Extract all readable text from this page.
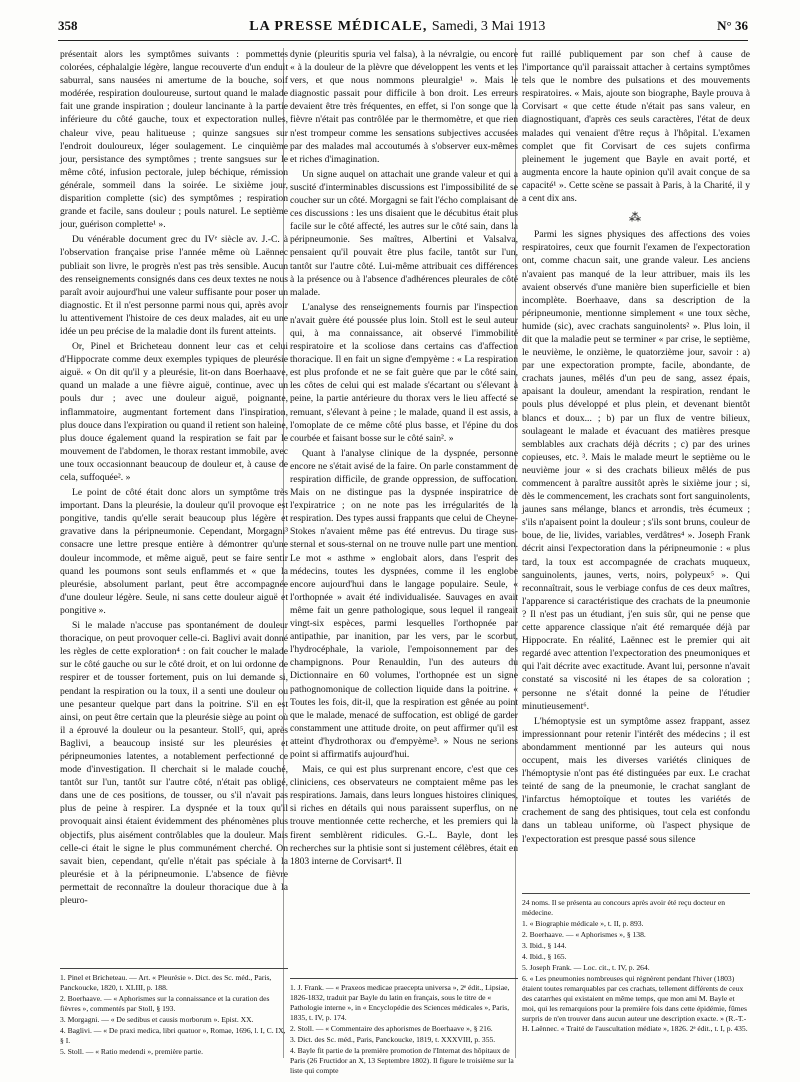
358	LA PRESSE MÉDICALE, Samedi, 3 Mai 1913	N° 36

présentait alors les symptômes suivants : pommettes colorées, céphalalgie légère, langue recouverte d'un enduit saburral, sans nausées ni amertume de la bouche, soif modérée, respiration douloureuse, surtout quand le malade fait une grande inspiration ; douleur lancinante à la partie inférieure du côté gauche, toux et expectoration nulles, chaleur vive, peau halitueuse ; quinze sangsues sur l'endroit douloureux, léger soulagement. Le cinquième jour, persistance des symptômes ; trente sangsues sur le même côté, infusion pectorale, julep béchique, rémission générale, sommeil dans la soirée. Le sixième jour, disparition complette (sic) des symptômes ; respiration grande et facile, sans douleur ; pouls naturel. Le septième jour, guérison complette¹ ».

Du vénérable document grec du IVᵉ siècle av. J.-C. à l'observation française prise l'année même où Laënnec publiait son livre, le progrès n'est pas très sensible. Aucun des renseignements consignés dans ces deux textes ne nous paraît avoir aujourd'hui une valeur suffisante pour poser un diagnostic. Et il n'est personne parmi nous qui, après avoir lu attentivement l'histoire de ces deux malades, ait eu une idée un peu précise de la maladie dont ils furent atteints.

Or, Pinel et Bricheteau donnent leur cas et celui d'Hippocrate comme deux exemples typiques de pleurésie aiguë. « On dit qu'il y a pleurésie, lit-on dans Boerhaave, quand un malade a une fièvre aiguë, continue, avec un pouls dur ; avec une douleur aiguë, poignante, inflammatoire, augmentant fortement dans l'inspiration, plus douce dans l'expiration ou quand il retient son haleine, plus douce également quand la respiration se fait par le mouvement de l'abdomen, le thorax restant immobile, avec une toux occasionnant beaucoup de douleur et, à cause de cela, suffoquée². »

Le point de côté était donc alors un symptôme très important. Dans la pleurésie, la douleur qu'il provoque est pongitive, tandis qu'elle serait beaucoup plus légère et gravative dans la péripneumonie. Cependant, Morgagni³ consacre une lettre presque entière à démontrer qu'une douleur incommode, et même aiguë, peut se faire sentir quand les poumons sont seuls enflammés et « que la pleurésie, absolument parlant, peut être accompagnée d'une douleur légère. Seule, ni sans cette douleur aiguë et pongitive ».

Si le malade n'accuse pas spontanément de douleur thoracique, on peut provoquer celle-ci. Baglivi avait donné les règles de cette exploration⁴ : on fait coucher le malade sur le côté gauche ou sur le côté droit, et on lui ordonne de respirer et de tousser fortement, puis on lui demande si, pendant la respiration ou la toux, il a senti une douleur ou une pesanteur quelque part dans la poitrine. S'il en est ainsi, on peut être certain que la pleurésie siège au point où il a éprouvé la douleur ou la pesanteur. Stoll⁵, qui, après Baglivi, a beaucoup insisté sur les pleurésies et péripneumonies latentes, a notablement perfectionné ce mode d'investigation. Il cherchait si le malade couché, tantôt sur l'un, tantôt sur l'autre côté, n'était pas obligé, dans une de ces positions, de tousser, ou s'il n'avait pas plus de peine à respirer. La dyspnée et la toux qu'il provoquait ainsi étaient évidemment des phénomènes plus objectifs, plus aisément contrôlables que la douleur. Mais celle-ci était le signe le plus communément cherché. On savait bien, cependant, qu'elle n'était pas spéciale à la pleurésie et à la péripneumonie. L'absence de fièvre permettait de reconnaître la douleur thoracique due à la pleuro-

1. Pinel et Bricheteau. — Art. « Pleurésie ». Dict. des Sc. méd., Paris, Panckoucke, 1820, t. XLIII, p. 188.
2. Boerhaave. — « Aphorismes sur la connaissance et la curation des fièvres », commentés par Stoll, § 193.
3. Morgagni. — « De sedibus et causis morborum ». Epist. XX.
4. Baglivi. — « De praxi medica, libri quatuor », Romae, 1696, l. I, C. IX, § I.
5. Stoll. — « Ratio medendi », première partie.

dynie (pleuritis spuria vel falsa), à la névralgie, ou encore « à la douleur de la plèvre que développent les vents et les vers, et que nous nommons pleuralgie¹ ». Mais le diagnostic passait pour difficile à bon droit. Les erreurs devaient être très fréquentes, en effet, si l'on songe que la fièvre n'était pas contrôlée par le thermomètre, et que rien n'est trompeur comme les sensations subjectives accusées par des malades mal accoutumés à s'observer eux-mêmes et riches d'imagination.

Un signe auquel on attachait une grande valeur et qui a suscité d'interminables discussions est l'impossibilité de se coucher sur un côté. Morgagni se fait l'écho complaisant de ces discussions : les uns disaient que le décubitus était plus facile sur le côté affecté, les autres sur le côté sain, dans la péripneumonie. Ses maîtres, Albertini et Valsalva, pensaient qu'il pouvait être plus facile, tantôt sur l'un, tantôt sur l'autre côté. Lui-même attribuait ces différences à la présence ou à l'absence d'adhérences pleurales de côté malade.

L'analyse des renseignements fournis par l'inspection n'avait guère été poussée plus loin. Stoll est le seul auteur qui, à ma connaissance, ait observé l'immobilité respiratoire et la scoliose dans certains cas d'affection thoracique. Il en fait un signe d'empyème : « La respiration est plus profonde et ne se fait guère que par le côté sain, les côtes de celui qui est malade s'écartant ou s'élevant à peine, la partie antérieure du thorax vers le lieu affecté se remuant, s'élevant à peine ; le malade, quand il est assis, a l'omoplate de ce même côté plus basse, et l'épine du dos courbée et faisant bosse sur le côté sain². »

Quant à l'analyse clinique de la dyspnée, personne encore ne s'était avisé de la faire. On parle constamment de respiration difficile, de grande oppression, de suffocation. Mais on ne distingue pas la dyspnée inspiratrice de l'expiratrice ; on ne note pas les irrégularités de la respiration. Des types aussi frappants que celui de Cheyne-Stokes n'avaient même pas été entrevus. Du tirage sus-sternal et sous-sternal on ne trouve nulle part une mention. Le mot « asthme » englobait alors, dans l'esprit des médecins, toutes les dyspnées, comme il les englobe encore aujourd'hui dans le langage populaire. Seule, « l'orthopnée » avait été individualisée. Sauvages en avait même fait un genre pathologique, sous lequel il rangeait vingt-six espèces, parmi lesquelles l'orthopnée par antipathie, par inanition, par les vers, par le scorbut, l'hydrocéphale, la variole, l'empoisonnement par des champignons. Pour Renauldin, l'un des auteurs du Dictionnaire en 60 volumes, l'orthopnée est un signe pathognomonique de collection liquide dans la poitrine. « Toutes les fois, dit-il, que la respiration est gênée au point que le malade, menacé de suffocation, est obligé de garder constamment une attitude droite, on peut affirmer qu'il est atteint d'hydrothorax ou d'empyème³. » Nous ne serions point si affirmatifs aujourd'hui.

Mais, ce qui est plus surprenant encore, c'est que ces cliniciens, ces observateurs ne comptaient même pas les respirations. Jamais, dans leurs longues histoires cliniques, si riches en détails qui nous paraissent superflus, on ne trouve mentionnée cette recherche, et les premiers qui la firent semblèrent ridicules. G.-L. Bayle, dont les recherches sur la phtisie sont si justement célèbres, était en 1803 interne de Corvisart⁴. Il

1. J. Frank. — « Praxeos medicae praecepta universa », 2ᵉ édit., Lipsiae, 1826-1832, traduit par Bayle du latin en français, sous le titre de « Pathologie interne », in « Encyclopédie des Sciences médicales », Paris, 1835, t. IV, p. 174.
2. Stoll. — « Commentaire des aphorismes de Boerhaave », § 216.
3. Dict. des Sc. méd., Paris, Panckoucke, 1819, t. XXXVIII, p. 355.
4. Bayle fit partie de la première promotion de l'Internat des hôpitaux de Paris (26 Fructidor an X, 13 Septembre 1802). Il figure le troisième sur la liste qui compte

fut raillé publiquement par son chef à cause de l'importance qu'il paraissait attacher à certains symptômes tels que le nombre des pulsations et des mouvements respiratoires. « Mais, ajoute son biographe, Bayle prouva à Corvisart « que cette étude n'était pas sans valeur, en diagnostiquant, d'après ces seuls caractères, l'état de deux malades qui venaient d'être reçus à l'hôpital. L'examen complet que fit Corvisart de ces sujets confirma pleinement le jugement que Bayle en avait porté, et augmenta encore la haute opinion qu'il avait conçue de sa capacité¹ ». Cette scène se passait à Paris, à la Charité, il y a cent dix ans.

⁂

Parmi les signes physiques des affections des voies respiratoires, ceux que fournit l'examen de l'expectoration ont, comme chacun sait, une grande valeur. Les anciens n'avaient pas manqué de la leur attribuer, mais ils les avaient observés d'une manière bien superficielle et bien incomplète. Boerhaave, dans sa description de la péripneumonie, mentionne simplement « une toux sèche, humide (sic), avec crachats sanguinolents² ». Plus loin, il dit que la maladie peut se terminer « par crise, le septième, le neuvième, le onzième, le quatorzième jour, savoir : a) par une expectoration prompte, facile, abondante, de crachats jaunes, mêlés d'un peu de sang, assez épais, apaisant la douleur, amendant la respiration, rendant le pouls plus développé et plus plein, et devenant bientôt blancs et doux... ; b) par un flux de ventre bilieux, soulageant le malade et évacuant des matières presque semblables aux crachats déjà décrits ; c) par des urines copieuses, etc. ³. Mais le malade meurt le septième ou le neuvième jour « si des crachats bilieux mêlés de pus commencent à paraître aussitôt après le sixième jour ; si, dès le commencement, les crachats sont fort sanguinolents, jaunes sans mélange, blancs et arrondis, très écumeux ; s'ils n'apaisent point la douleur ; s'ils sont bruns, couleur de boue, de lie, livides, variables, verdâtres⁴ ». Joseph Frank décrit ainsi l'expectoration dans la péripneumonie : « plus tard, la toux est accompagnée de crachats muqueux, sanguinolents, jaunes, verts, noirs, polypeux⁵ ». Qui reconnaîtrait, sous le verbiage confus de ces deux maîtres, l'apparence si caractéristique des crachats de la pneumonie ? Il n'est pas un étudiant, j'en suis sûr, qui ne pense que cette apparence classique n'ait été remarquée déjà par Hippocrate. En réalité, Laënnec est le premier qui ait regardé avec attention l'expectoration des pneumoniques et qui l'ait décrite avec exactitude. Avant lui, personne n'avait constaté sa viscosité ni les étapes de sa coloration ; personne ne s'était donné la peine de l'étudier minutieusement⁶.

L'hémoptysie est un symptôme assez frappant, assez impressionnant pour retenir l'intérêt des médecins ; il est abondamment mentionné par les auteurs qui nous occupent, mais les diverses variétés cliniques de l'hémoptysie n'ont pas été distinguées par eux. Le crachat teinté de sang de la pneumonie, le crachat sanglant de l'infarctus hémoptoïque et toutes les variétés de crachement de sang des phtisiques, tout cela est confondu dans un tableau uniforme, où l'aspect physique de l'expectoration est presque passé sous silence

24 noms. Il se présenta au concours après avoir été reçu docteur en médecine.
1. « Biographie médicale », t. II, p. 893.
2. Boerhaave. — « Aphorismes », § 138.
3. Ibid., § 144.
4. Ibid., § 165.
5. Joseph Frank. — Loc. cit., t. IV, p. 264.
6. « Les pneumonies nombreuses qui régnèrent pendant l'hiver (1803) étaient toutes remarquables par ces crachats, tellement différents de ceux des catarrhes qui existaient en même temps, que mon ami M. Bayle et moi, qui les remarquions pour la première fois dans cette épidémie, fûmes surpris de n'en trouver dans aucun auteur une description exacte. » (R.-T.-H. Laënnec. « Traité de l'auscultation médiate », 1826. 2ᵉ édit., t. I, p. 435.
